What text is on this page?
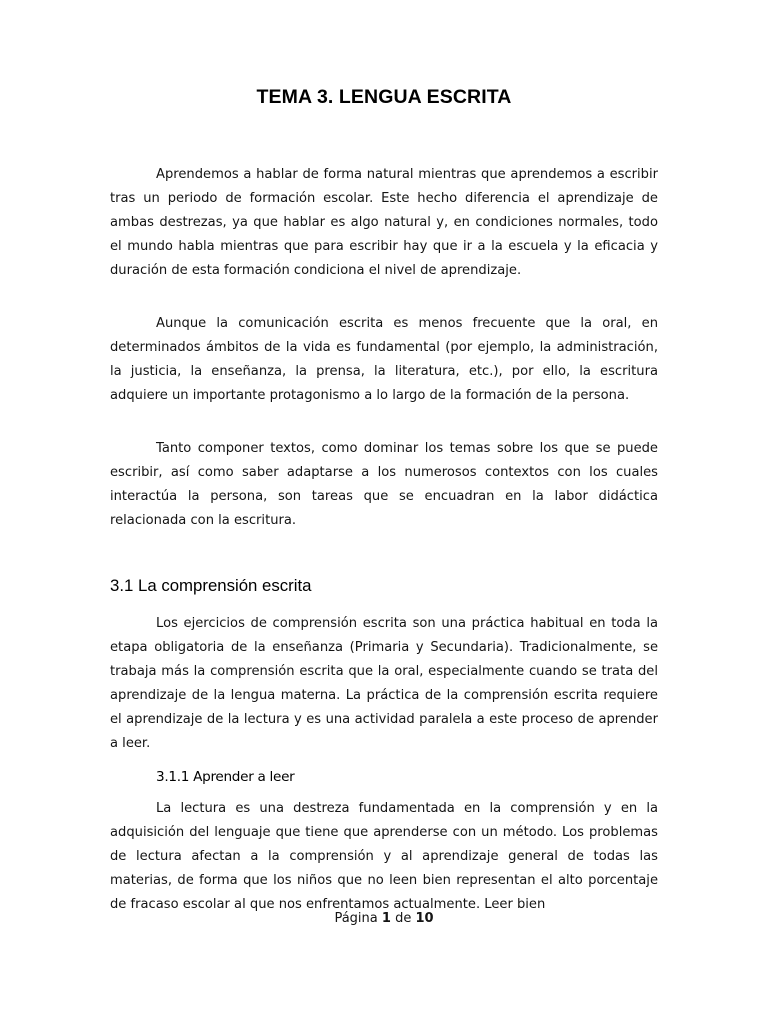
TEMA 3. LENGUA ESCRITA

Aprendemos a hablar de forma natural mientras que aprendemos a escribir tras un periodo de formación escolar. Este hecho diferencia el aprendizaje de ambas destrezas, ya que hablar es algo natural y, en condiciones normales, todo el mundo habla mientras que para escribir hay que ir a la escuela y la eficacia y duración de esta formación condiciona el nivel de aprendizaje.

Aunque la comunicación escrita es menos frecuente que la oral, en determinados ámbitos de la vida es fundamental (por ejemplo, la administración, la justicia, la enseñanza, la prensa, la literatura, etc.), por ello, la escritura adquiere un importante protagonismo a lo largo de la formación de la persona.

Tanto componer textos, como dominar los temas sobre los que se puede escribir, así como saber adaptarse a los numerosos contextos con los cuales interactúa la persona, son tareas que se encuadran en la labor didáctica relacionada con la escritura.

3.1 La comprensión escrita

Los ejercicios de comprensión escrita son una práctica habitual en toda la etapa obligatoria de la enseñanza (Primaria y Secundaria). Tradicionalmente, se trabaja más la comprensión escrita que la oral, especialmente cuando se trata del aprendizaje de la lengua materna. La práctica de la comprensión escrita requiere el aprendizaje de la lectura y es una actividad paralela a este proceso de aprender a leer.

3.1.1 Aprender a leer

La lectura es una destreza fundamentada en la comprensión y en la adquisición del lenguaje que tiene que aprenderse con un método. Los problemas de lectura afectan a la comprensión y al aprendizaje general de todas las materias, de forma que los niños que no leen bien representan el alto porcentaje de fracaso escolar al que nos enfrentamos actualmente. Leer bien

Página 1 de 10
